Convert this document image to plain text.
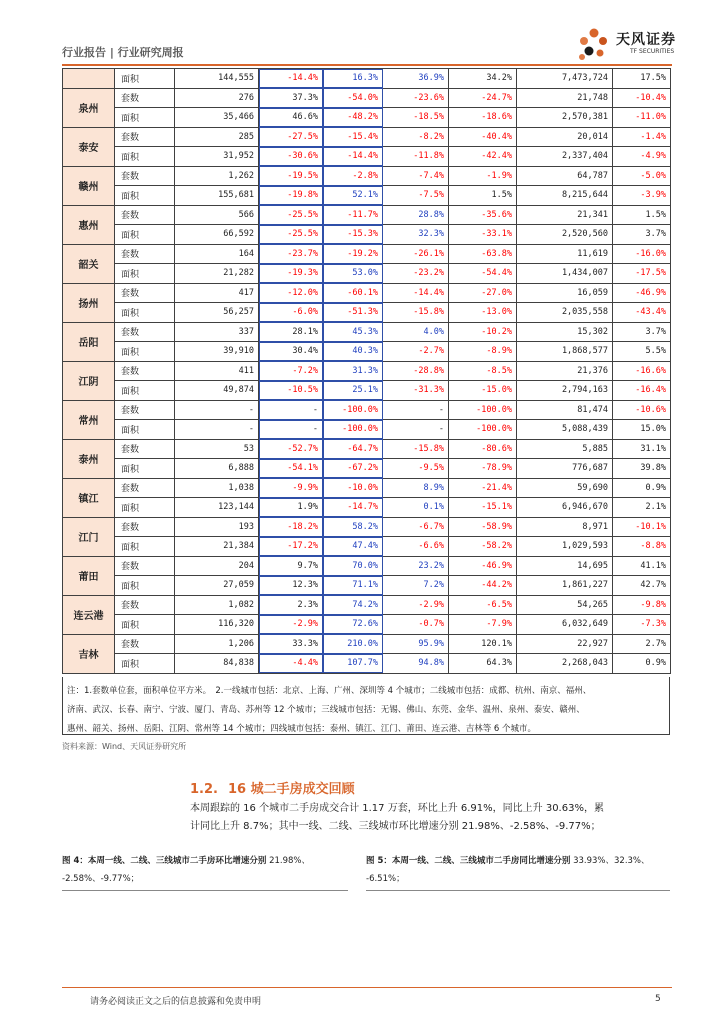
行业报告 | 行业研究周报
天风证券
TF SECURITIES
	面积	144,555	-14.4%	16.3%	36.9%	34.2%	7,473,724	17.5%
泉州	套数	276	37.3%	-54.0%	-23.6%	-24.7%	21,748	-10.4%
	面积	35,466	46.6%	-48.2%	-18.5%	-18.6%	2,570,381	-11.0%
泰安	套数	285	-27.5%	-15.4%	-8.2%	-40.4%	20,014	-1.4%
	面积	31,952	-30.6%	-14.4%	-11.8%	-42.4%	2,337,404	-4.9%
赣州	套数	1,262	-19.5%	-2.8%	-7.4%	-1.9%	64,787	-5.0%
	面积	155,681	-19.8%	52.1%	-7.5%	1.5%	8,215,644	-3.9%
惠州	套数	566	-25.5%	-11.7%	28.8%	-35.6%	21,341	1.5%
	面积	66,592	-25.5%	-15.3%	32.3%	-33.1%	2,520,560	3.7%
韶关	套数	164	-23.7%	-19.2%	-26.1%	-63.8%	11,619	-16.0%
	面积	21,282	-19.3%	53.0%	-23.2%	-54.4%	1,434,007	-17.5%
扬州	套数	417	-12.0%	-60.1%	-14.4%	-27.0%	16,059	-46.9%
	面积	56,257	-6.0%	-51.3%	-15.8%	-13.0%	2,035,558	-43.4%
岳阳	套数	337	28.1%	45.3%	4.0%	-10.2%	15,302	3.7%
	面积	39,910	30.4%	40.3%	-2.7%	-8.9%	1,868,577	5.5%
江阴	套数	411	-7.2%	31.3%	-28.8%	-8.5%	21,376	-16.6%
	面积	49,874	-10.5%	25.1%	-31.3%	-15.0%	2,794,163	-16.4%
常州	套数	-	-	-100.0%	-	-100.0%	81,474	-10.6%
	面积	-	-	-100.0%	-	-100.0%	5,088,439	15.0%
泰州	套数	53	-52.7%	-64.7%	-15.8%	-80.6%	5,885	31.1%
	面积	6,888	-54.1%	-67.2%	-9.5%	-78.9%	776,687	39.8%
镇江	套数	1,038	-9.9%	-10.0%	8.9%	-21.4%	59,690	0.9%
	面积	123,144	1.9%	-14.7%	0.1%	-15.1%	6,946,670	2.1%
江门	套数	193	-18.2%	58.2%	-6.7%	-58.9%	8,971	-10.1%
	面积	21,384	-17.2%	47.4%	-6.6%	-58.2%	1,029,593	-8.8%
莆田	套数	204	9.7%	70.0%	23.2%	-46.9%	14,695	41.1%
	面积	27,059	12.3%	71.1%	7.2%	-44.2%	1,861,227	42.7%
连云港	套数	1,082	2.3%	74.2%	-2.9%	-6.5%	54,265	-9.8%
	面积	116,320	-2.9%	72.6%	-0.7%	-7.9%	6,032,649	-7.3%
吉林	套数	1,206	33.3%	210.0%	95.9%	120.1%	22,927	2.7%
	面积	84,838	-4.4%	107.7%	94.8%	64.3%	2,268,043	0.9%
注：1.套数单位套，面积单位平方米。　2.一线城市包括：北京、上海、广州、深圳等 4 个城市；二线城市包括：成都、杭州、南京、福州、
济南、武汉、长春、南宁、宁波、厦门、青岛、苏州等 12 个城市；三线城市包括：无锡、佛山、东莞、金华、温州、泉州、泰安、赣州、
惠州、韶关、扬州、岳阳、江阴、常州等 14 个城市；四线城市包括：泰州、镇江、江门、莆田、连云港、吉林等 6 个城市。
资料来源：Wind、天风证券研究所
1.2. 16 城二手房成交回顾
本周跟踪的 16 个城市二手房成交合计 1.17 万套，环比上升 6.91%，同比上升 30.63%，累
计同比上升 8.7%；其中一线、二线、三线城市环比增速分别 21.98%、-2.58%、-9.77%；
图 4：本周一线、二线、三线城市二手房环比增速分别 21.98%、
-2.58%、-9.77%；
图 5：本周一线、二线、三线城市二手房同比增速分别 33.93%、32.3%、
-6.51%；
请务必阅读正文之后的信息披露和免责申明	5
